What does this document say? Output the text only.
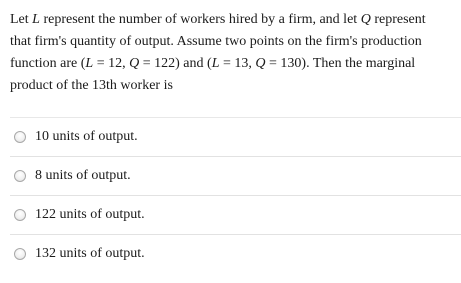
Let L represent the number of workers hired by a firm, and let Q represent
that firm's quantity of output. Assume two points on the firm's production
function are (L = 12, Q = 122) and (L = 13, Q = 130). Then the marginal
product of the 13th worker is
10 units of output.
8 units of output.
122 units of output.
132 units of output.
